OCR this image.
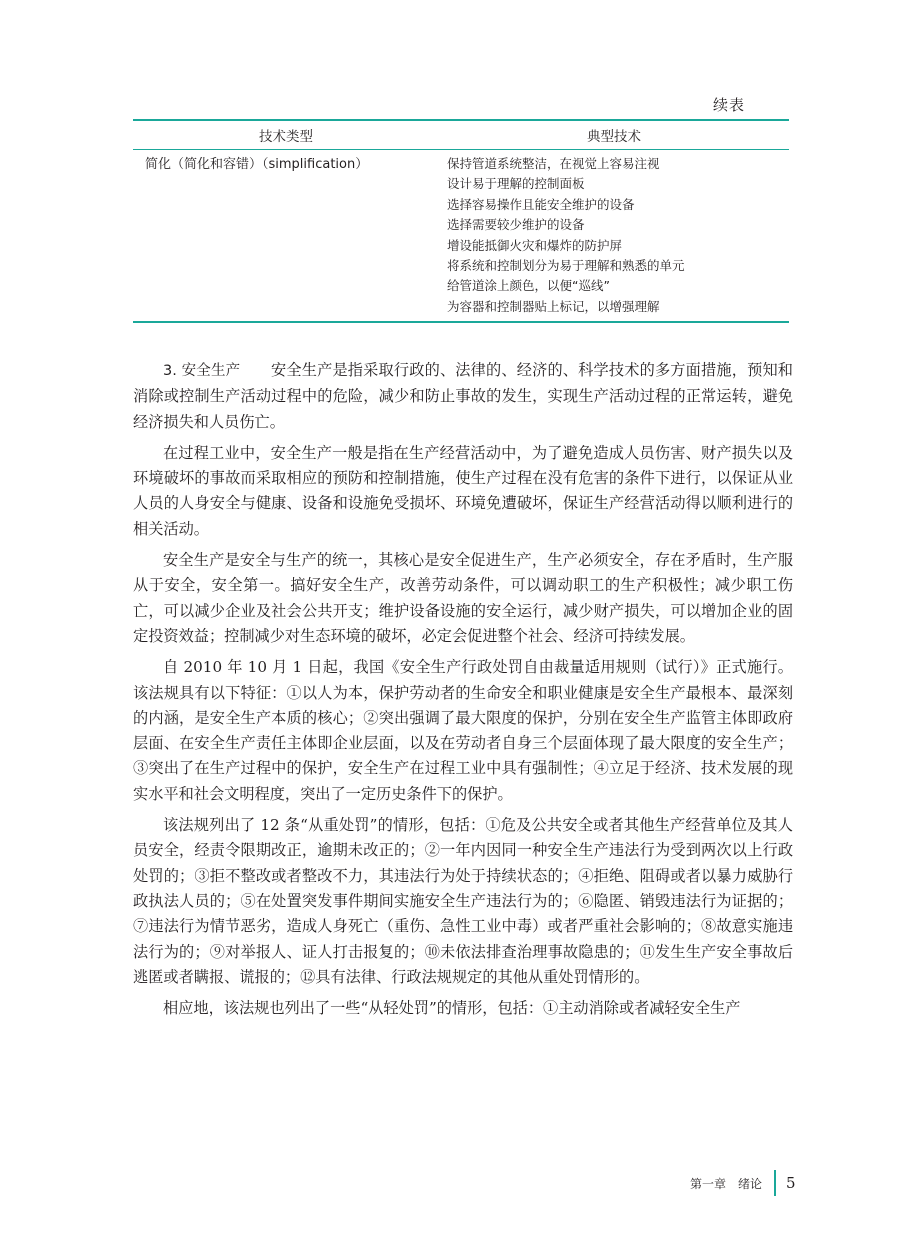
续表
技术类型	典型技术
简化（简化和容错）（simplification）	保持管道系统整洁，在视觉上容易注视
设计易于理解的控制面板
选择容易操作且能安全维护的设备
选择需要较少维护的设备
增设能抵御火灾和爆炸的防护屏
将系统和控制划分为易于理解和熟悉的单元
给管道涂上颜色，以便“巡线”
为容器和控制器贴上标记，以增强理解

3. 安全生产　　 安全生产是指采取行政的、法律的、经济的、科学技术的多方面措施，预知和消除或控制生产活动过程中的危险，减少和防止事故的发生，实现生产活动过程的正常运转，避免经济损失和人员伤亡。

在过程工业中，安全生产一般是指在生产经营活动中，为了避免造成人员伤害、财产损失以及环境破坏的事故而采取相应的预防和控制措施，使生产过程在没有危害的条件下进行，以保证从业人员的人身安全与健康、设备和设施免受损坏、环境免遭破坏，保证生产经营活动得以顺利进行的相关活动。

安全生产是安全与生产的统一，其核心是安全促进生产，生产必须安全，存在矛盾时，生产服从于安全，安全第一。搞好安全生产，改善劳动条件，可以调动职工的生产积极性；减少职工伤亡，可以减少企业及社会公共开支；维护设备设施的安全运行，减少财产损失，可以增加企业的固定投资效益；控制减少对生态环境的破坏，必定会促进整个社会、经济可持续发展。

自 2010 年 10 月 1 日起，我国《安全生产行政处罚自由裁量适用规则（试行）》正式施行。该法规具有以下特征：①以人为本，保护劳动者的生命安全和职业健康是安全生产最根本、最深刻的内涵，是安全生产本质的核心；②突出强调了最大限度的保护，分别在安全生产监管主体即政府层面、在安全生产责任主体即企业层面，以及在劳动者自身三个层面体现了最大限度的安全生产；③突出了在生产过程中的保护，安全生产在过程工业中具有强制性；④立足于经济、技术发展的现实水平和社会文明程度，突出了一定历史条件下的保护。

该法规列出了 12 条“从重处罚”的情形，包括：①危及公共安全或者其他生产经营单位及其人员安全，经责令限期改正，逾期未改正的；②一年内因同一种安全生产违法行为受到两次以上行政处罚的；③拒不整改或者整改不力，其违法行为处于持续状态的；④拒绝、阻碍或者以暴力威胁行政执法人员的；⑤在处置突发事件期间实施安全生产违法行为的；⑥隐匿、销毁违法行为证据的；⑦违法行为情节恶劣，造成人身死亡（重伤、急性工业中毒）或者严重社会影响的；⑧故意实施违法行为的；⑨对举报人、证人打击报复的；⑩未依法排查治理事故隐患的；⑪发生生产安全事故后逃匿或者瞒报、谎报的；⑫具有法律、行政法规规定的其他从重处罚情形的。

相应地，该法规也列出了一些“从轻处罚”的情形，包括：①主动消除或者减轻安全生产

第一章　绪论 5
